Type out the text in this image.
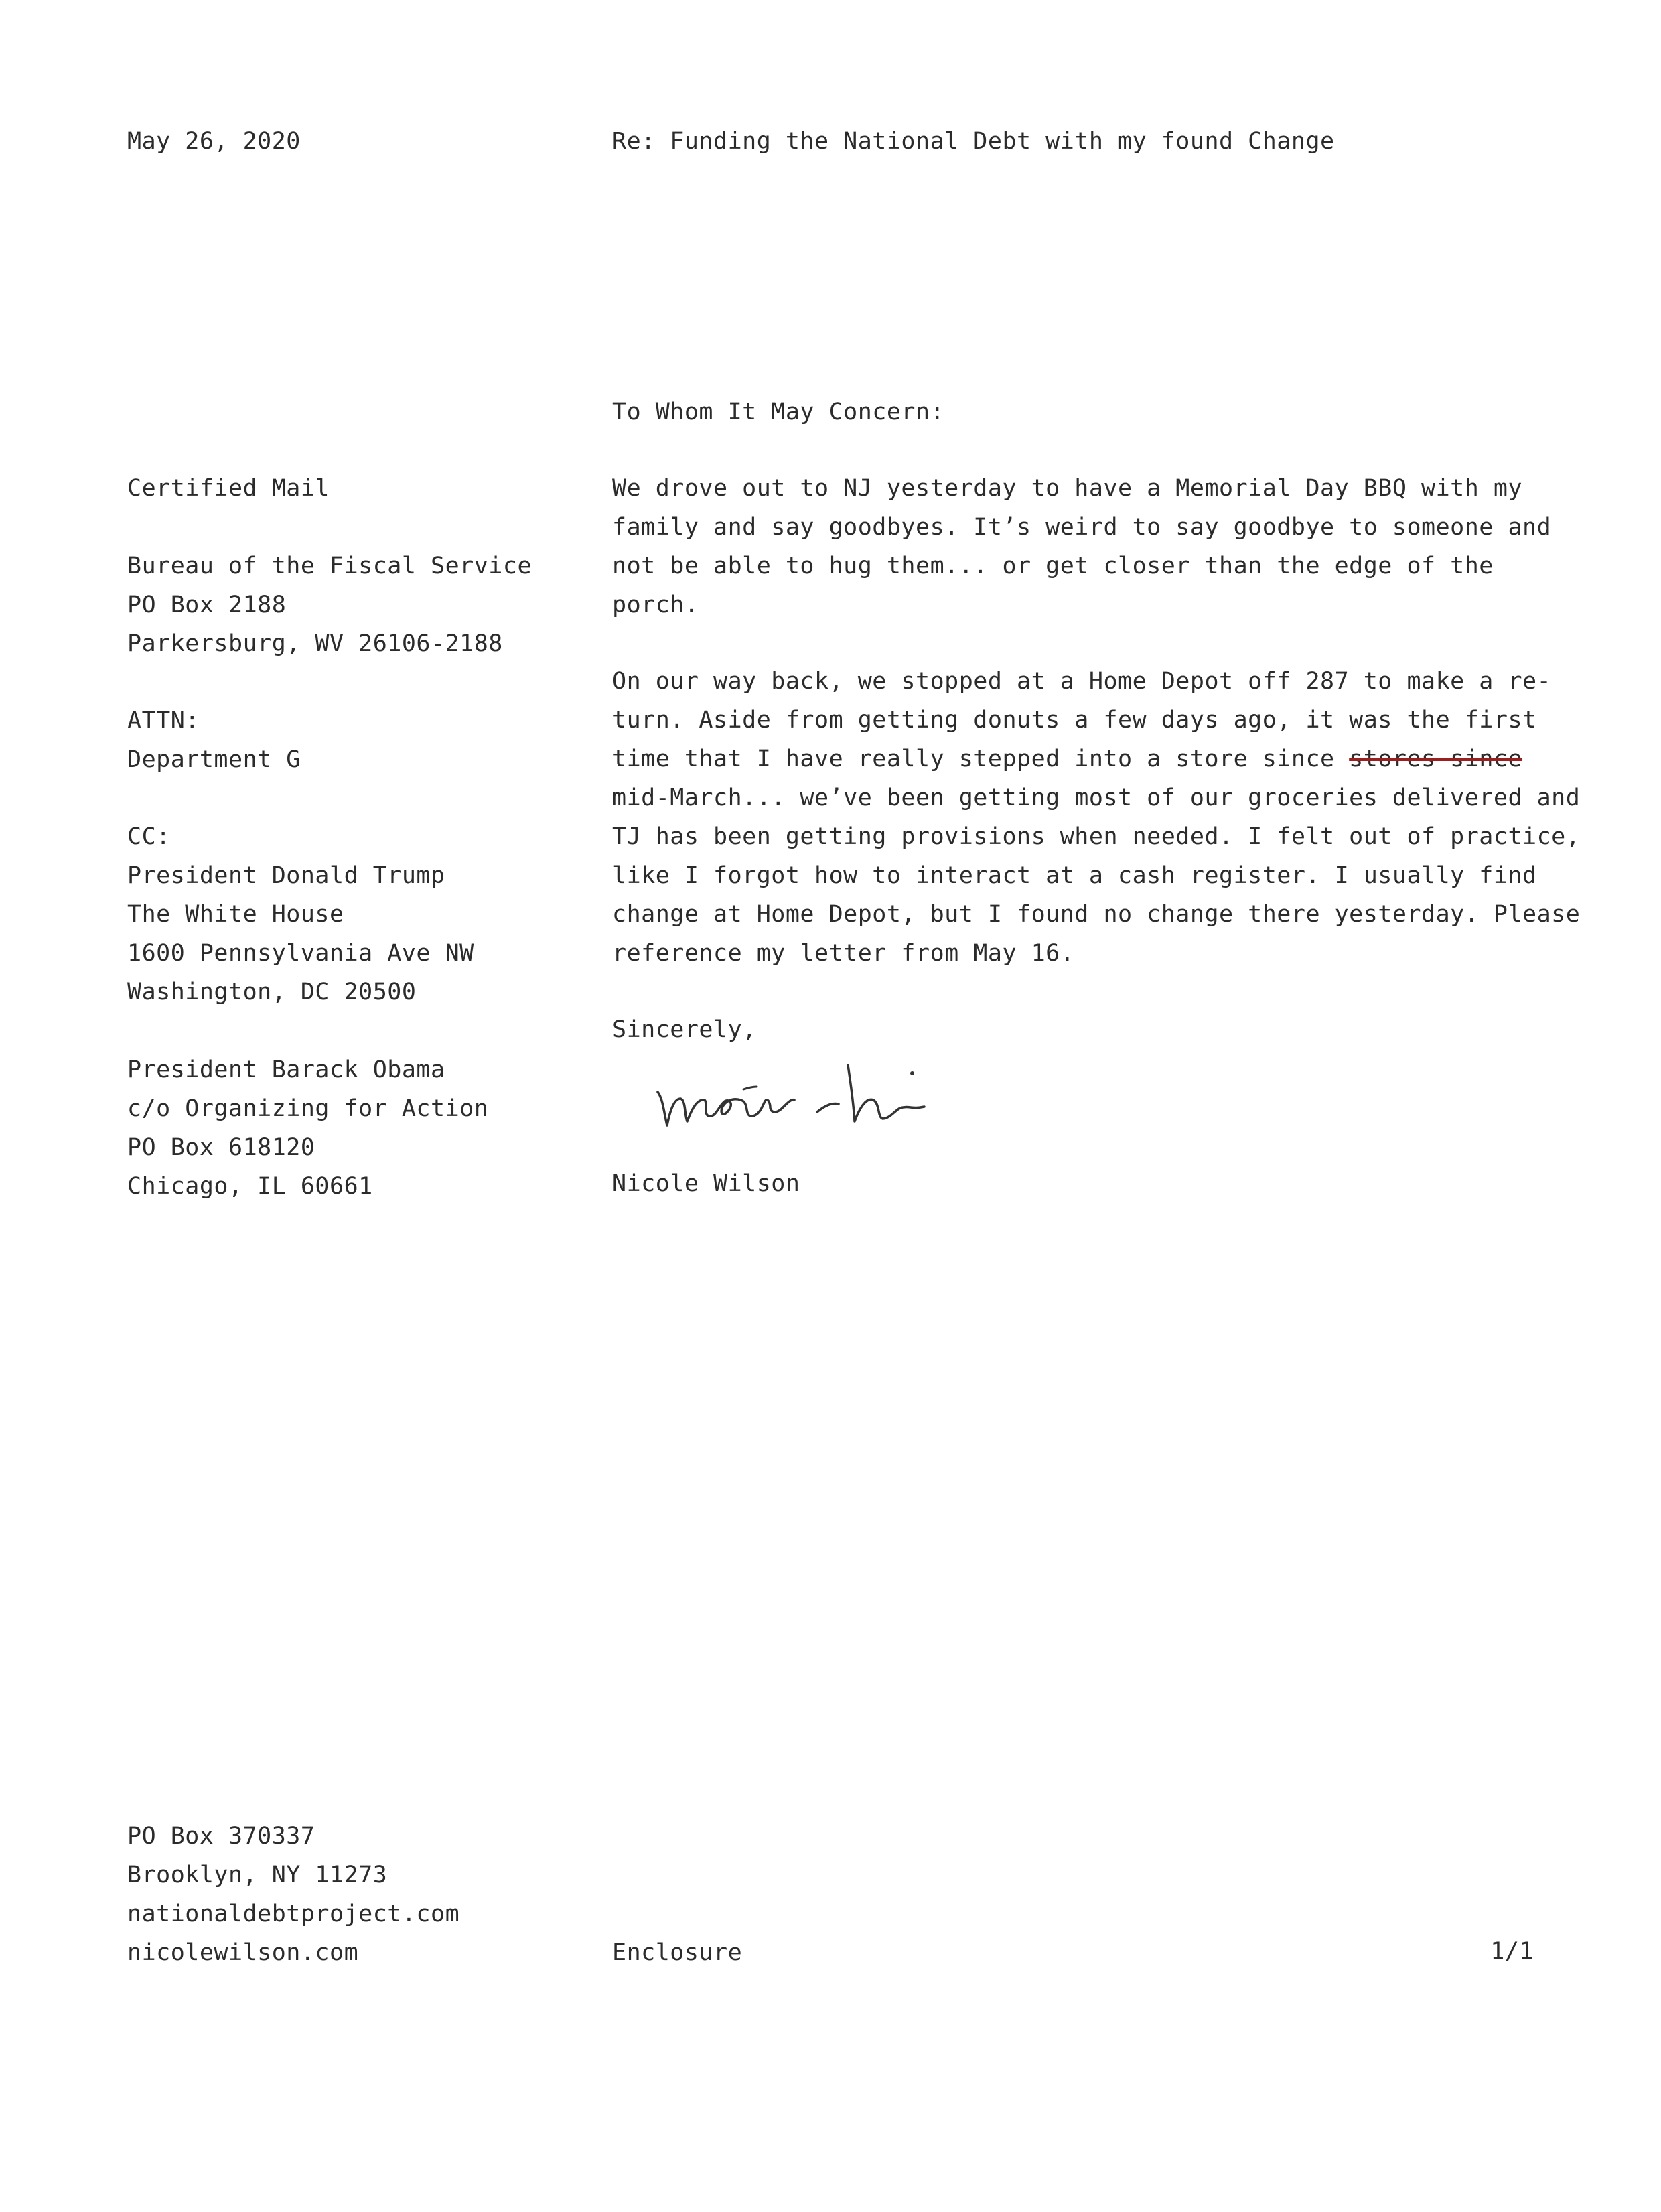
May 26, 2020	Re: Funding the National Debt with my found Change
To Whom It May Concern:
Certified Mail
Bureau of the Fiscal Service
PO Box 2188
Parkersburg, WV 26106-2188
ATTN:
Department G
CC:
President Donald Trump
The White House
1600 Pennsylvania Ave NW
Washington, DC 20500
President Barack Obama
c/o Organizing for Action
PO Box 618120
Chicago, IL 60661
We drove out to NJ yesterday to have a Memorial Day BBQ with my
family and say goodbyes. It’s weird to say goodbye to someone and
not be able to hug them... or get closer than the edge of the
porch.
On our way back, we stopped at a Home Depot off 287 to make a re-
turn. Aside from getting donuts a few days ago, it was the first
time that I have really stepped into a store since stores since
mid-March... we’ve been getting most of our groceries delivered and
TJ has been getting provisions when needed. I felt out of practice,
like I forgot how to interact at a cash register. I usually find
change at Home Depot, but I found no change there yesterday. Please
reference my letter from May 16.
Sincerely,
Nicole Wilson
PO Box 370337
Brooklyn, NY 11273
nationaldebtproject.com
nicolewilson.com	Enclosure	1/1
